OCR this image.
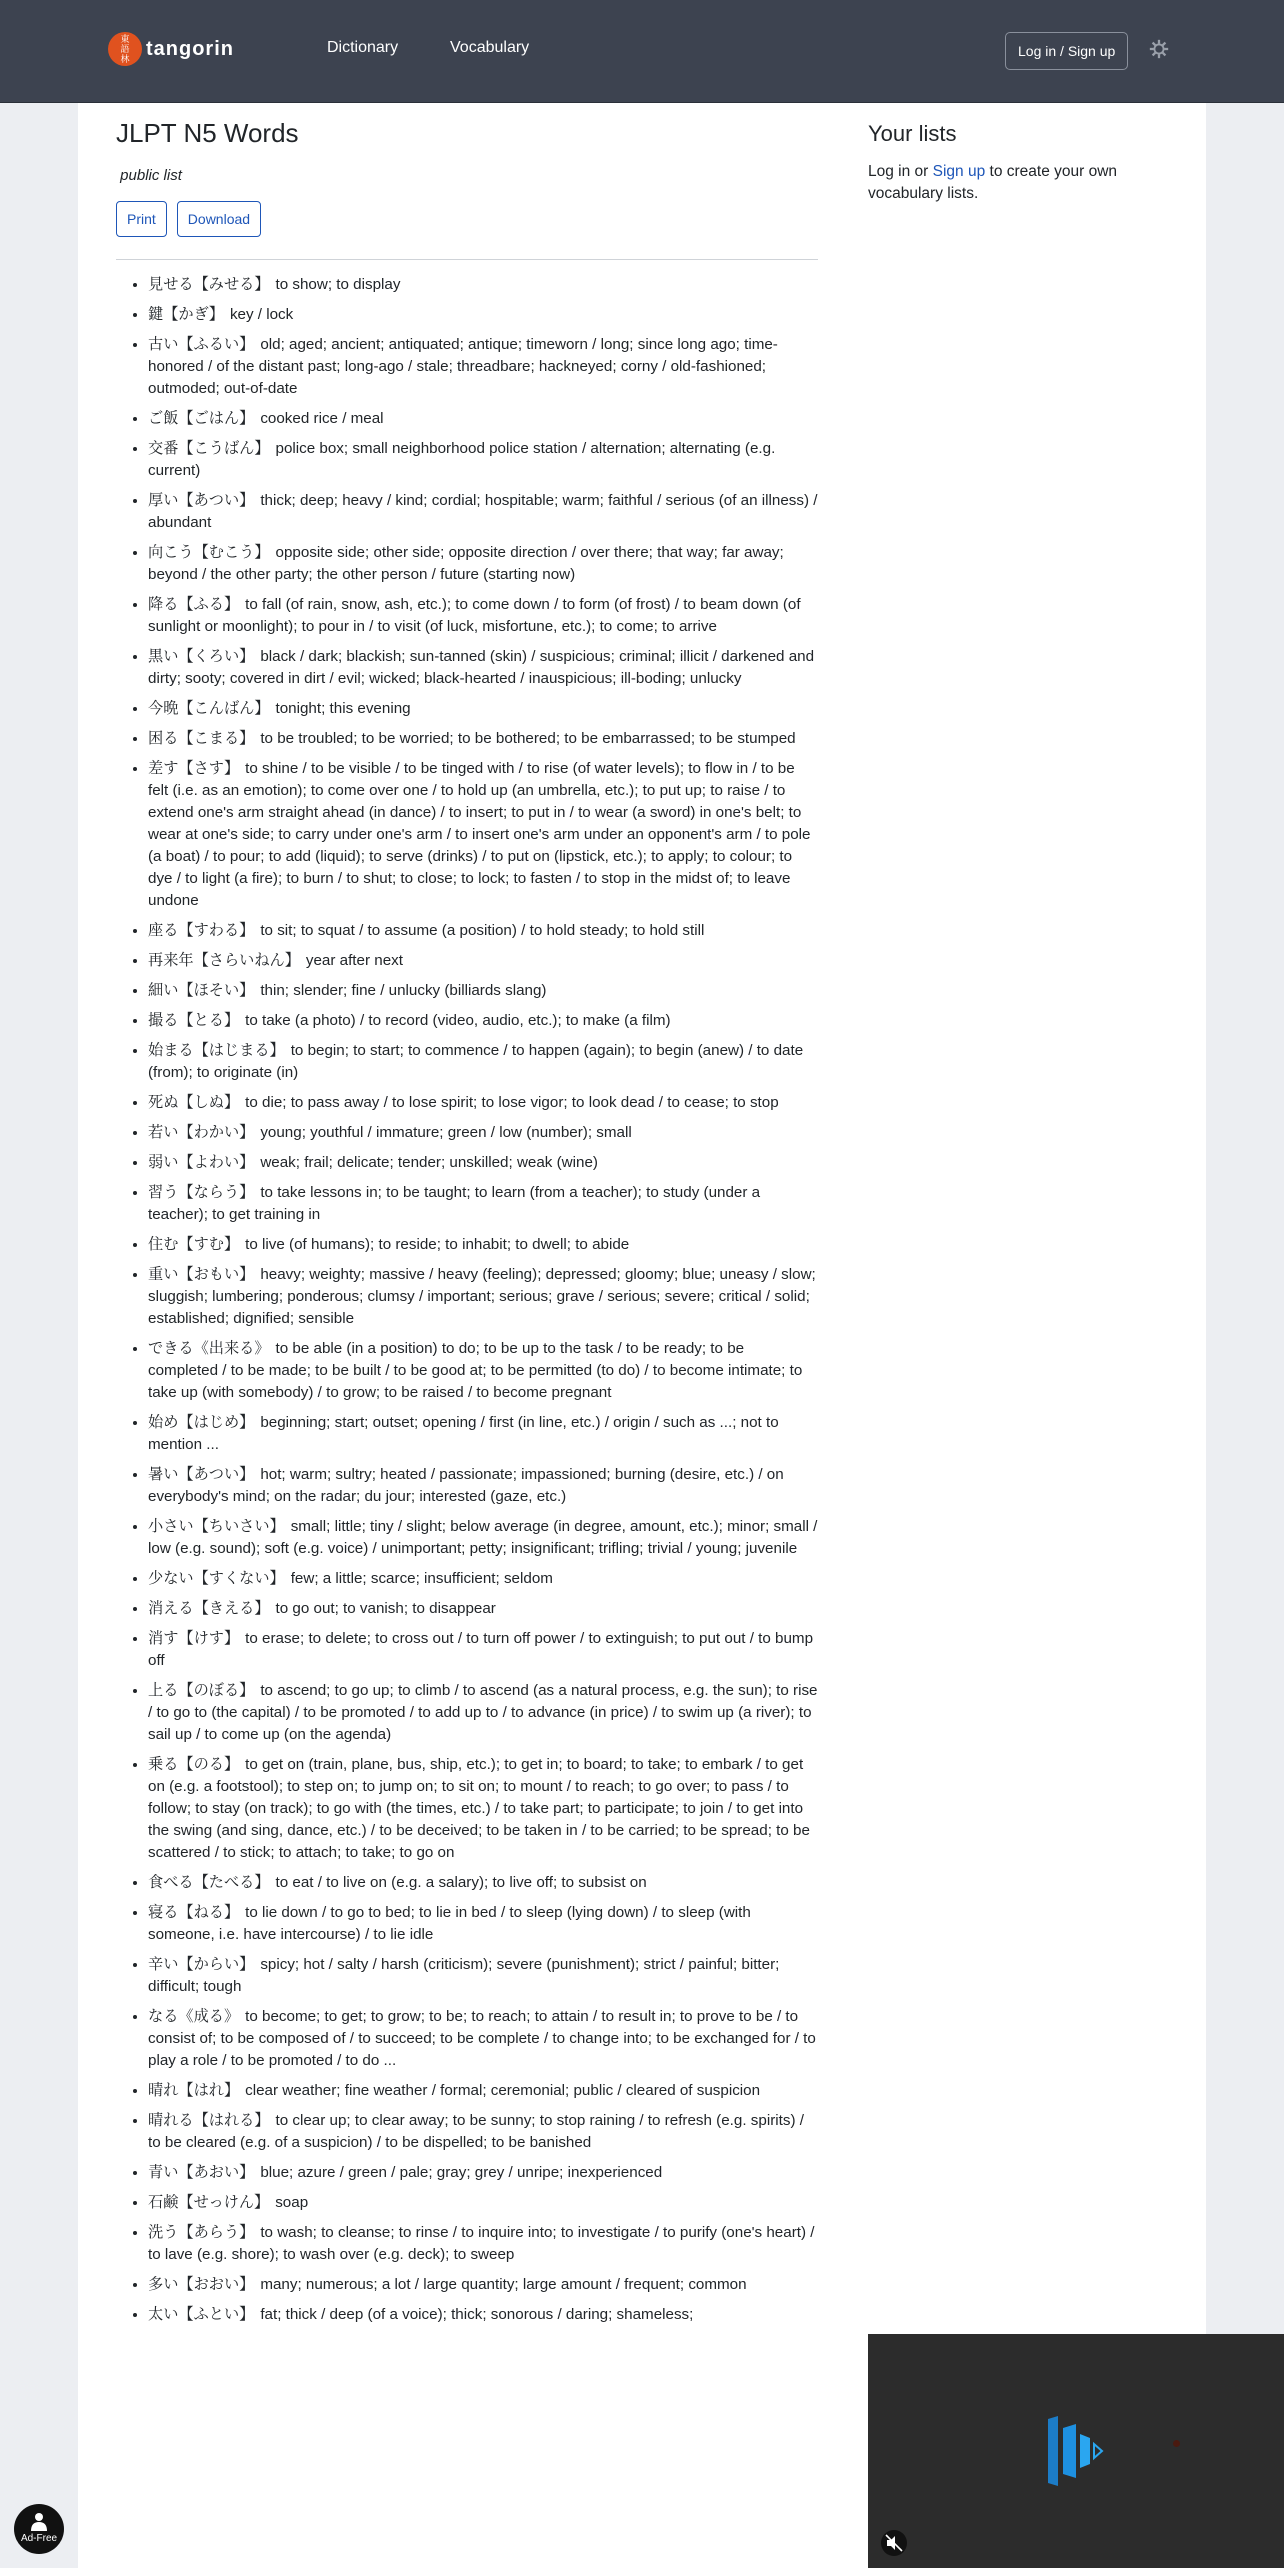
東
語
林 tangorin	Dictionary	Vocabulary	Log in / Sign up
JLPT N5 Words
​ public list
Print	Download
• 見せる【みせる】 to show; to display
• 鍵【かぎ】 key / lock
• 古い【ふるい】 old; aged; ancient; antiquated; antique; timeworn / long; since long ago; time-honored / of the distant past; long-ago / stale; threadbare; hackneyed; corny / old-fashioned; outmoded; out-of-date
• ご飯【ごはん】 cooked rice / meal
• 交番【こうばん】 police box; small neighborhood police station / alternation; alternating (e.g. current)
• 厚い【あつい】 thick; deep; heavy / kind; cordial; hospitable; warm; faithful / serious (of an illness) / abundant
• 向こう【むこう】 opposite side; other side; opposite direction / over there; that way; far away; beyond / the other party; the other person / future (starting now)
• 降る【ふる】 to fall (of rain, snow, ash, etc.); to come down / to form (of frost) / to beam down (of sunlight or moonlight); to pour in / to visit (of luck, misfortune, etc.); to come; to arrive
• 黒い【くろい】 black / dark; blackish; sun-tanned (skin) / suspicious; criminal; illicit / darkened and dirty; sooty; covered in dirt / evil; wicked; black-hearted / inauspicious; ill-boding; unlucky
• 今晩【こんばん】 tonight; this evening
• 困る【こまる】 to be troubled; to be worried; to be bothered; to be embarrassed; to be stumped
• 差す【さす】 to shine / to be visible / to be tinged with / to rise (of water levels); to flow in / to be felt (i.e. as an emotion); to come over one / to hold up (an umbrella, etc.); to put up; to raise / to extend one's arm straight ahead (in dance) / to insert; to put in / to wear (a sword) in one's belt; to wear at one's side; to carry under one's arm / to insert one's arm under an opponent's arm / to pole (a boat) / to pour; to add (liquid); to serve (drinks) / to put on (lipstick, etc.); to apply; to colour; to dye / to light (a fire); to burn / to shut; to close; to lock; to fasten / to stop in the midst of; to leave undone
• 座る【すわる】 to sit; to squat / to assume (a position) / to hold steady; to hold still
• 再来年【さらいねん】 year after next
• 細い【ほそい】 thin; slender; fine / unlucky (billiards slang)
• 撮る【とる】 to take (a photo) / to record (video, audio, etc.); to make (a film)
• 始まる【はじまる】 to begin; to start; to commence / to happen (again); to begin (anew) / to date (from); to originate (in)
• 死ぬ【しぬ】 to die; to pass away / to lose spirit; to lose vigor; to look dead / to cease; to stop
• 若い【わかい】 young; youthful / immature; green / low (number); small
• 弱い【よわい】 weak; frail; delicate; tender; unskilled; weak (wine)
• 習う【ならう】 to take lessons in; to be taught; to learn (from a teacher); to study (under a teacher); to get training in
• 住む【すむ】 to live (of humans); to reside; to inhabit; to dwell; to abide
• 重い【おもい】 heavy; weighty; massive / heavy (feeling); depressed; gloomy; blue; uneasy / slow; sluggish; lumbering; ponderous; clumsy / important; serious; grave / serious; severe; critical / solid; established; dignified; sensible
• できる《出来る》 to be able (in a position) to do; to be up to the task / to be ready; to be completed / to be made; to be built / to be good at; to be permitted (to do) / to become intimate; to take up (with somebody) / to grow; to be raised / to become pregnant
• 始め【はじめ】 beginning; start; outset; opening / first (in line, etc.) / origin / such as ...; not to mention ...
• 暑い【あつい】 hot; warm; sultry; heated / passionate; impassioned; burning (desire, etc.) / on everybody's mind; on the radar; du jour; interested (gaze, etc.)
• 小さい【ちいさい】 small; little; tiny / slight; below average (in degree, amount, etc.); minor; small / low (e.g. sound); soft (e.g. voice) / unimportant; petty; insignificant; trifling; trivial / young; juvenile
• 少ない【すくない】 few; a little; scarce; insufficient; seldom
• 消える【きえる】 to go out; to vanish; to disappear
• 消す【けす】 to erase; to delete; to cross out / to turn off power / to extinguish; to put out / to bump off
• 上る【のぼる】 to ascend; to go up; to climb / to ascend (as a natural process, e.g. the sun); to rise / to go to (the capital) / to be promoted / to add up to / to advance (in price) / to swim up (a river); to sail up / to come up (on the agenda)
• 乗る【のる】 to get on (train, plane, bus, ship, etc.); to get in; to board; to take; to embark / to get on (e.g. a footstool); to step on; to jump on; to sit on; to mount / to reach; to go over; to pass / to follow; to stay (on track); to go with (the times, etc.) / to take part; to participate; to join / to get into the swing (and sing, dance, etc.) / to be deceived; to be taken in / to be carried; to be spread; to be scattered / to stick; to attach; to take; to go on
• 食べる【たべる】 to eat / to live on (e.g. a salary); to live off; to subsist on
• 寝る【ねる】 to lie down / to go to bed; to lie in bed / to sleep (lying down) / to sleep (with someone, i.e. have intercourse) / to lie idle
• 辛い【からい】 spicy; hot / salty / harsh (criticism); severe (punishment); strict / painful; bitter; difficult; tough
• なる《成る》 to become; to get; to grow; to be; to reach; to attain / to result in; to prove to be / to consist of; to be composed of / to succeed; to be complete / to change into; to be exchanged for / to play a role / to be promoted / to do ...
• 晴れ【はれ】 clear weather; fine weather / formal; ceremonial; public / cleared of suspicion
• 晴れる【はれる】 to clear up; to clear away; to be sunny; to stop raining / to refresh (e.g. spirits) / to be cleared (e.g. of a suspicion) / to be dispelled; to be banished
• 青い【あおい】 blue; azure / green / pale; gray; grey / unripe; inexperienced
• 石鹸【せっけん】 soap
• 洗う【あらう】 to wash; to cleanse; to rinse / to inquire into; to investigate / to purify (one's heart) / to lave (e.g. shore); to wash over (e.g. deck); to sweep
• 多い【おおい】 many; numerous; a lot / large quantity; large amount / frequent; common
• 太い【ふとい】 fat; thick / deep (of a voice); thick; sonorous / daring; shameless;
Your lists

Log in or Sign up to create your own vocabulary lists.

Ad-Free
